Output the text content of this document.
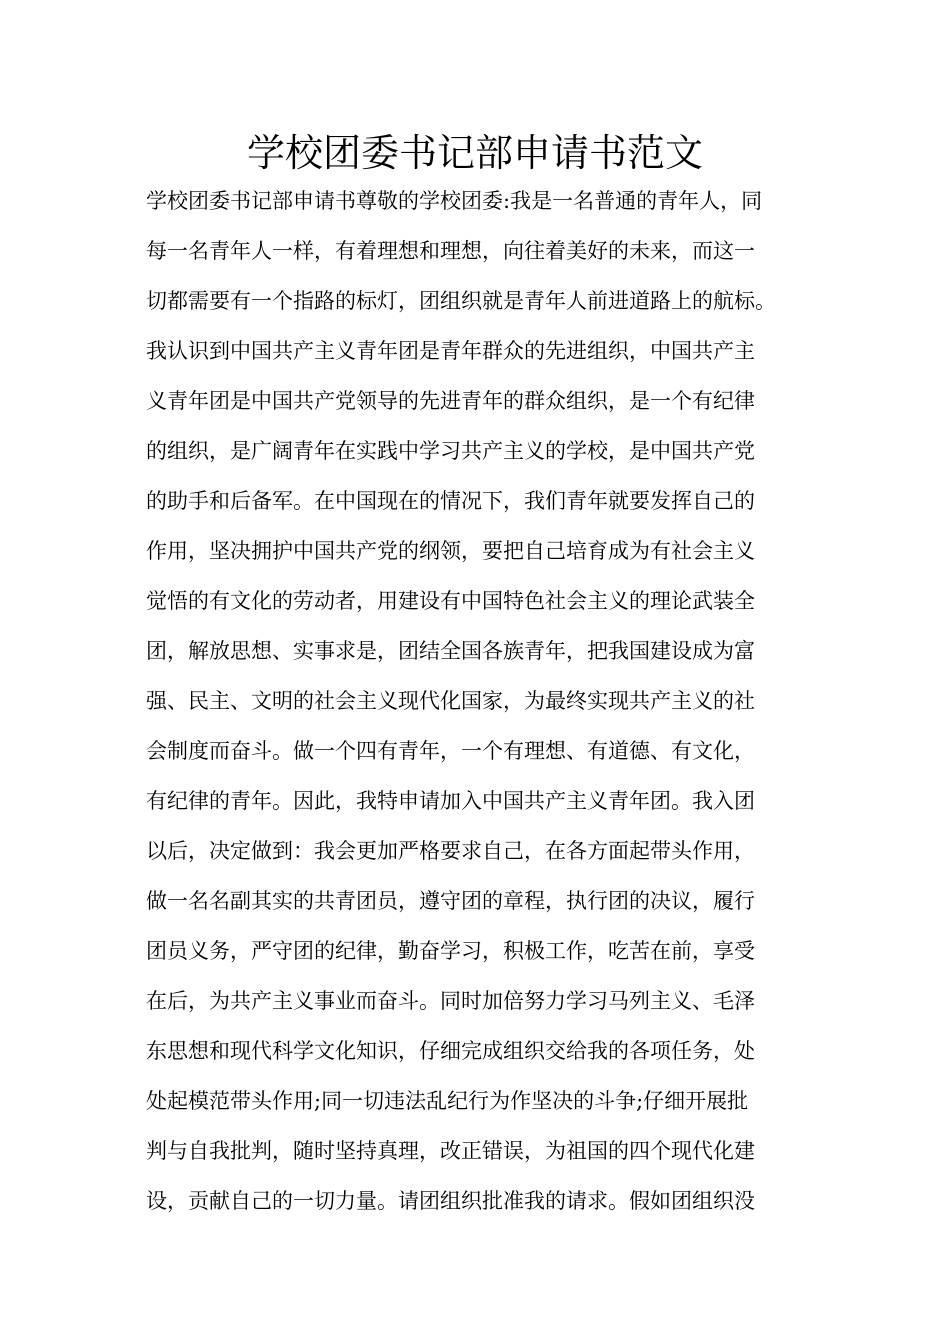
学校团委书记部申请书范文
学校团委书记部申请书尊敬的学校团委:我是一名普通的青年人，同
每一名青年人一样，有着理想和理想，向往着美好的未来，而这一
切都需要有一个指路的标灯，团组织就是青年人前进道路上的航标。
我认识到中国共产主义青年团是青年群众的先进组织，中国共产主
义青年团是中国共产党领导的先进青年的群众组织，是一个有纪律
的组织，是广阔青年在实践中学习共产主义的学校，是中国共产党
的助手和后备军。在中国现在的情况下，我们青年就要发挥自己的
作用，坚决拥护中国共产党的纲领，要把自己培育成为有社会主义
觉悟的有文化的劳动者，用建设有中国特色社会主义的理论武装全
团，解放思想、实事求是，团结全国各族青年，把我国建设成为富
强、民主、文明的社会主义现代化国家，为最终实现共产主义的社
会制度而奋斗。做一个四有青年，一个有理想、有道德、有文化，
有纪律的青年。因此，我特申请加入中国共产主义青年团。我入团
以后，决定做到：我会更加严格要求自己，在各方面起带头作用，
做一名名副其实的共青团员，遵守团的章程，执行团的决议，履行
团员义务，严守团的纪律，勤奋学习，积极工作，吃苦在前，享受
在后，为共产主义事业而奋斗。同时加倍努力学习马列主义、毛泽
东思想和现代科学文化知识，仔细完成组织交给我的各项任务，处
处起模范带头作用;同一切违法乱纪行为作坚决的斗争;仔细开展批
判与自我批判，随时坚持真理，改正错误，为祖国的四个现代化建
设，贡献自己的一切力量。请团组织批准我的请求。假如团组织没
